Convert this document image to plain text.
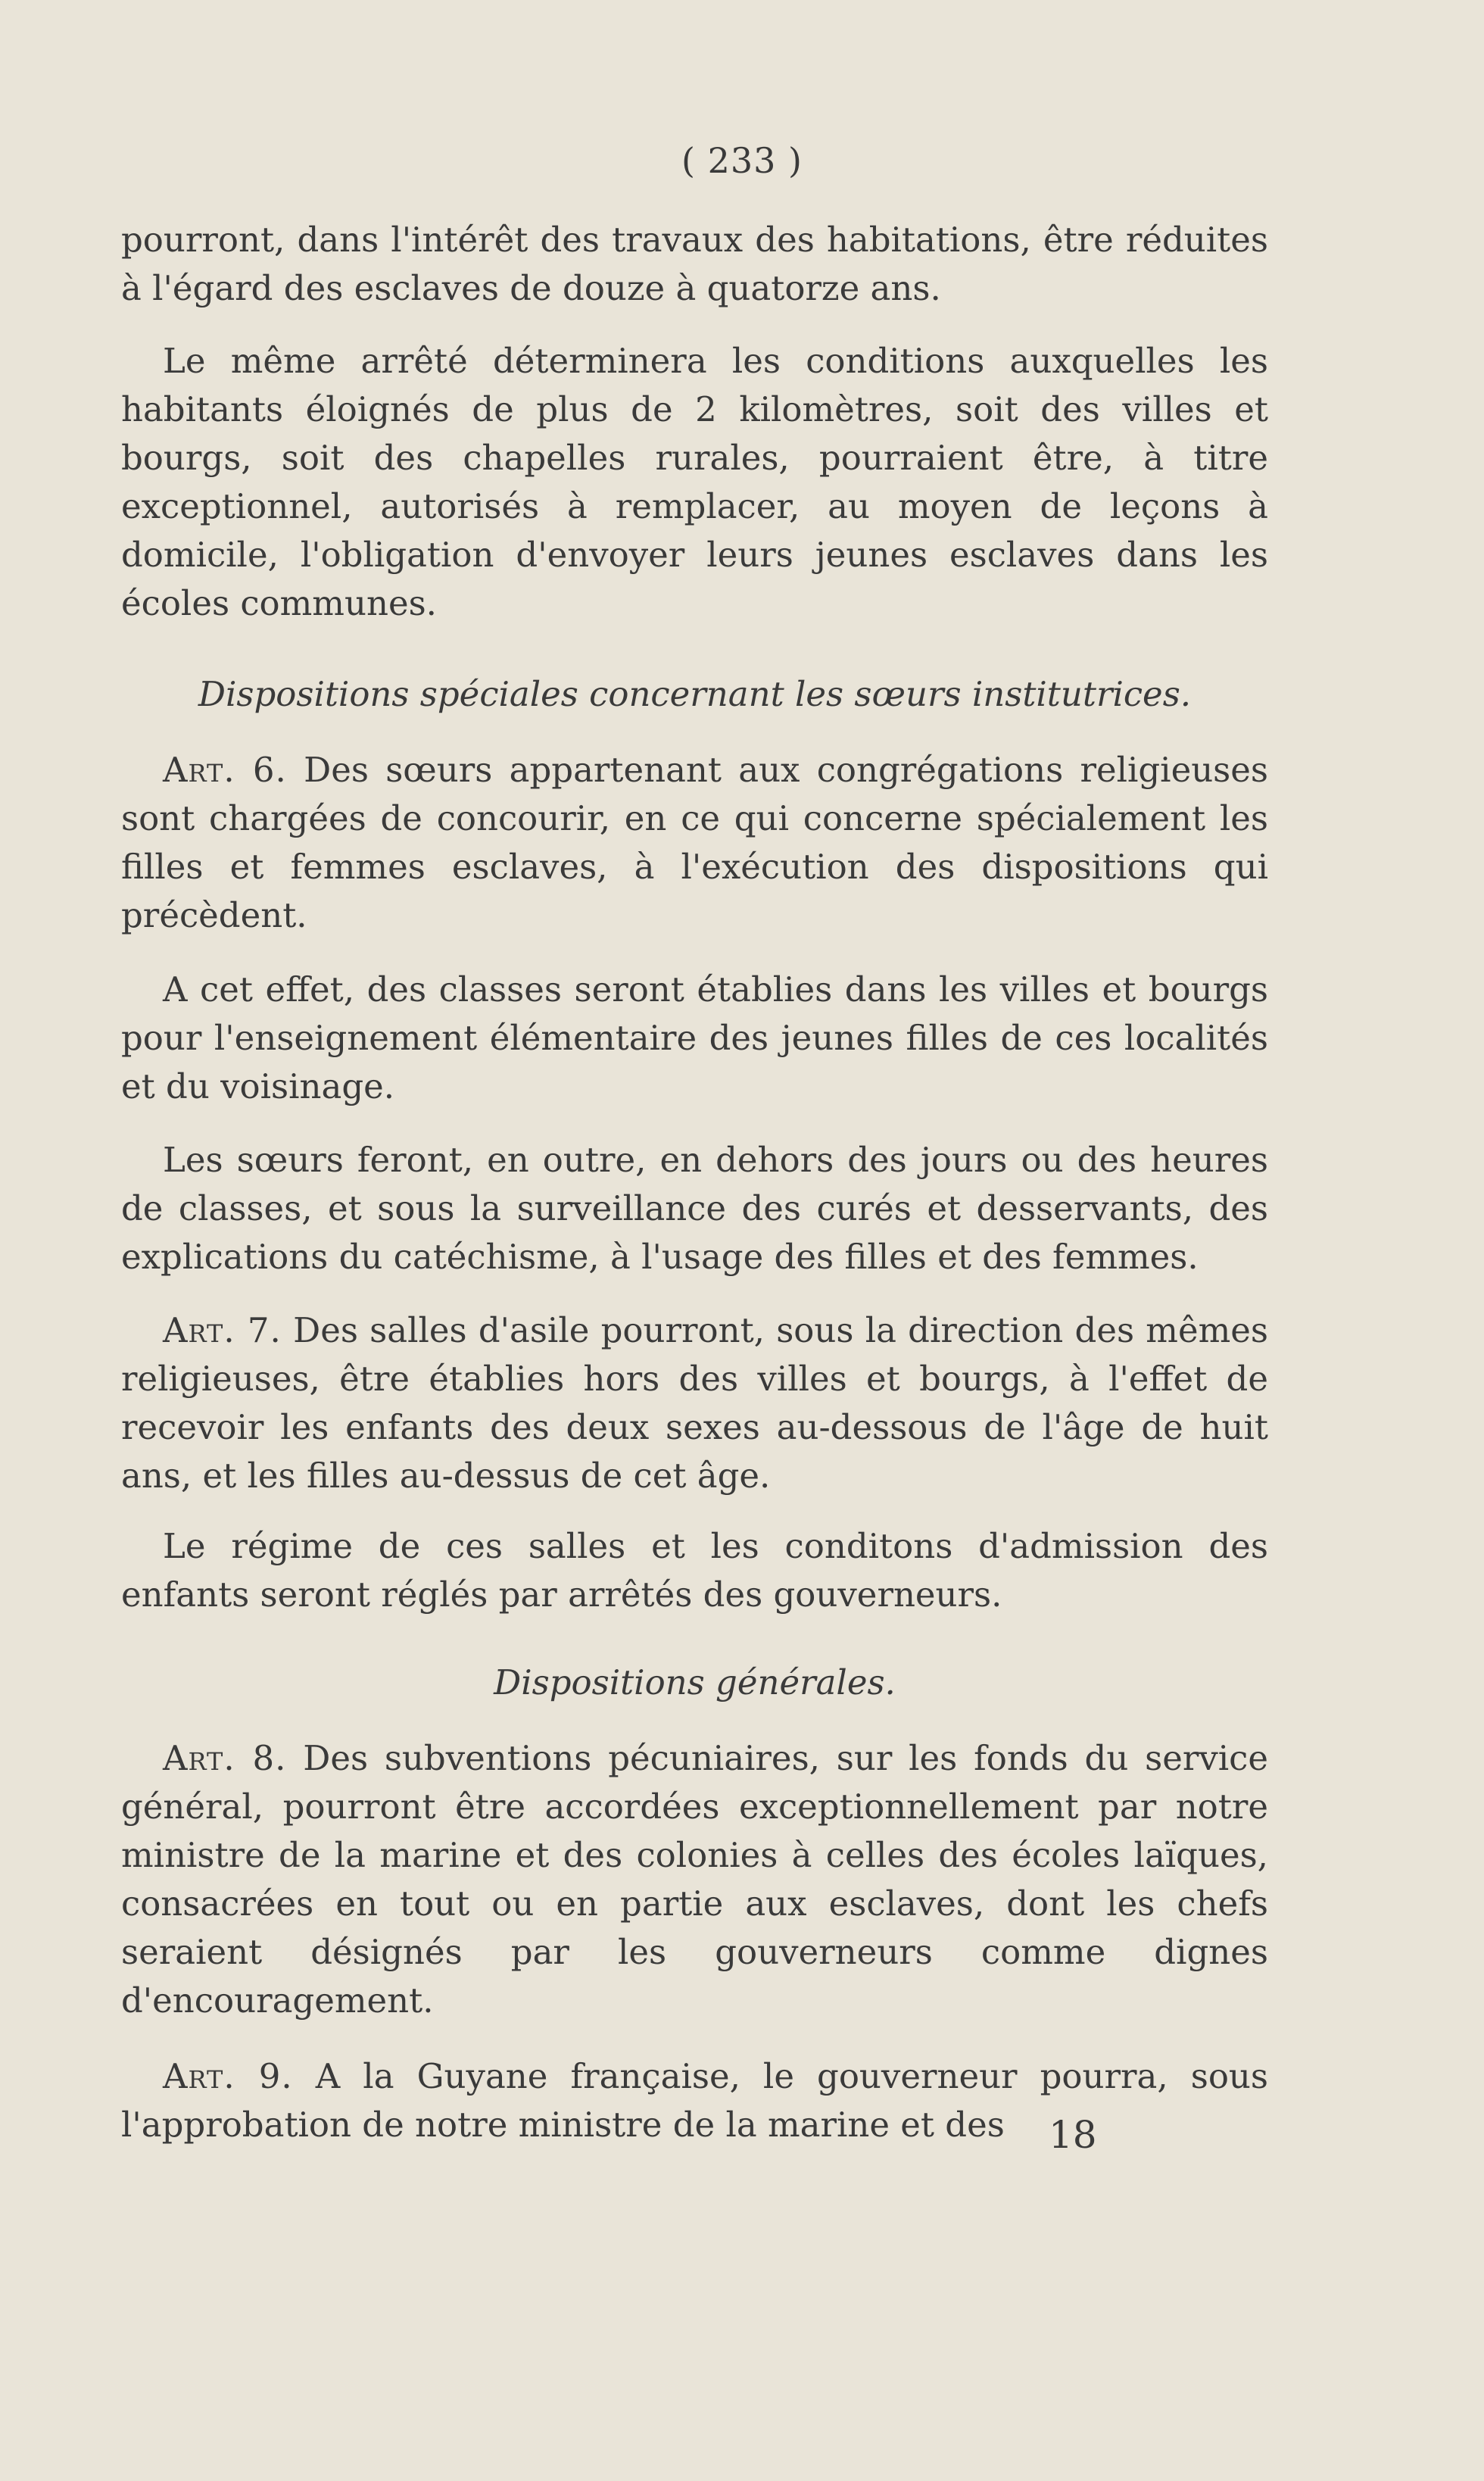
( 233 )

pourront, dans l'intérêt des travaux des habitations, être réduites à l'égard des esclaves de douze à quatorze ans.

Le même arrêté déterminera les conditions auxquelles les habitants éloignés de plus de 2 kilomètres, soit des villes et bourgs, soit des chapelles rurales, pourraient être, à titre exceptionnel, autorisés à remplacer, au moyen de leçons à domicile, l'obligation d'envoyer leurs jeunes esclaves dans les écoles communes.

Dispositions spéciales concernant les sœurs institutrices.

Art. 6. Des sœurs appartenant aux congrégations religieuses sont chargées de concourir, en ce qui concerne spécialement les filles et femmes esclaves, à l'exécution des dispositions qui précèdent.

A cet effet, des classes seront établies dans les villes et bourgs pour l'enseignement élémentaire des jeunes filles de ces localités et du voisinage.

Les sœurs feront, en outre, en dehors des jours ou des heures de classes, et sous la surveillance des curés et desservants, des explications du catéchisme, à l'usage des filles et des femmes.

Art. 7. Des salles d'asile pourront, sous la direction des mêmes religieuses, être établies hors des villes et bourgs, à l'effet de recevoir les enfants des deux sexes au-dessous de l'âge de huit ans, et les filles au-dessus de cet âge.

Le régime de ces salles et les conditons d'admission des enfants seront réglés par arrêtés des gouverneurs.

Dispositions générales.

Art. 8. Des subventions pécuniaires, sur les fonds du service général, pourront être accordées exceptionnellement par notre ministre de la marine et des colonies à celles des écoles laïques, consacrées en tout ou en partie aux esclaves, dont les chefs seraient désignés par les gouverneurs comme dignes d'encouragement.

Art. 9. A la Guyane française, le gouverneur pourra, sous l'approbation de notre ministre de la marine et des	18
